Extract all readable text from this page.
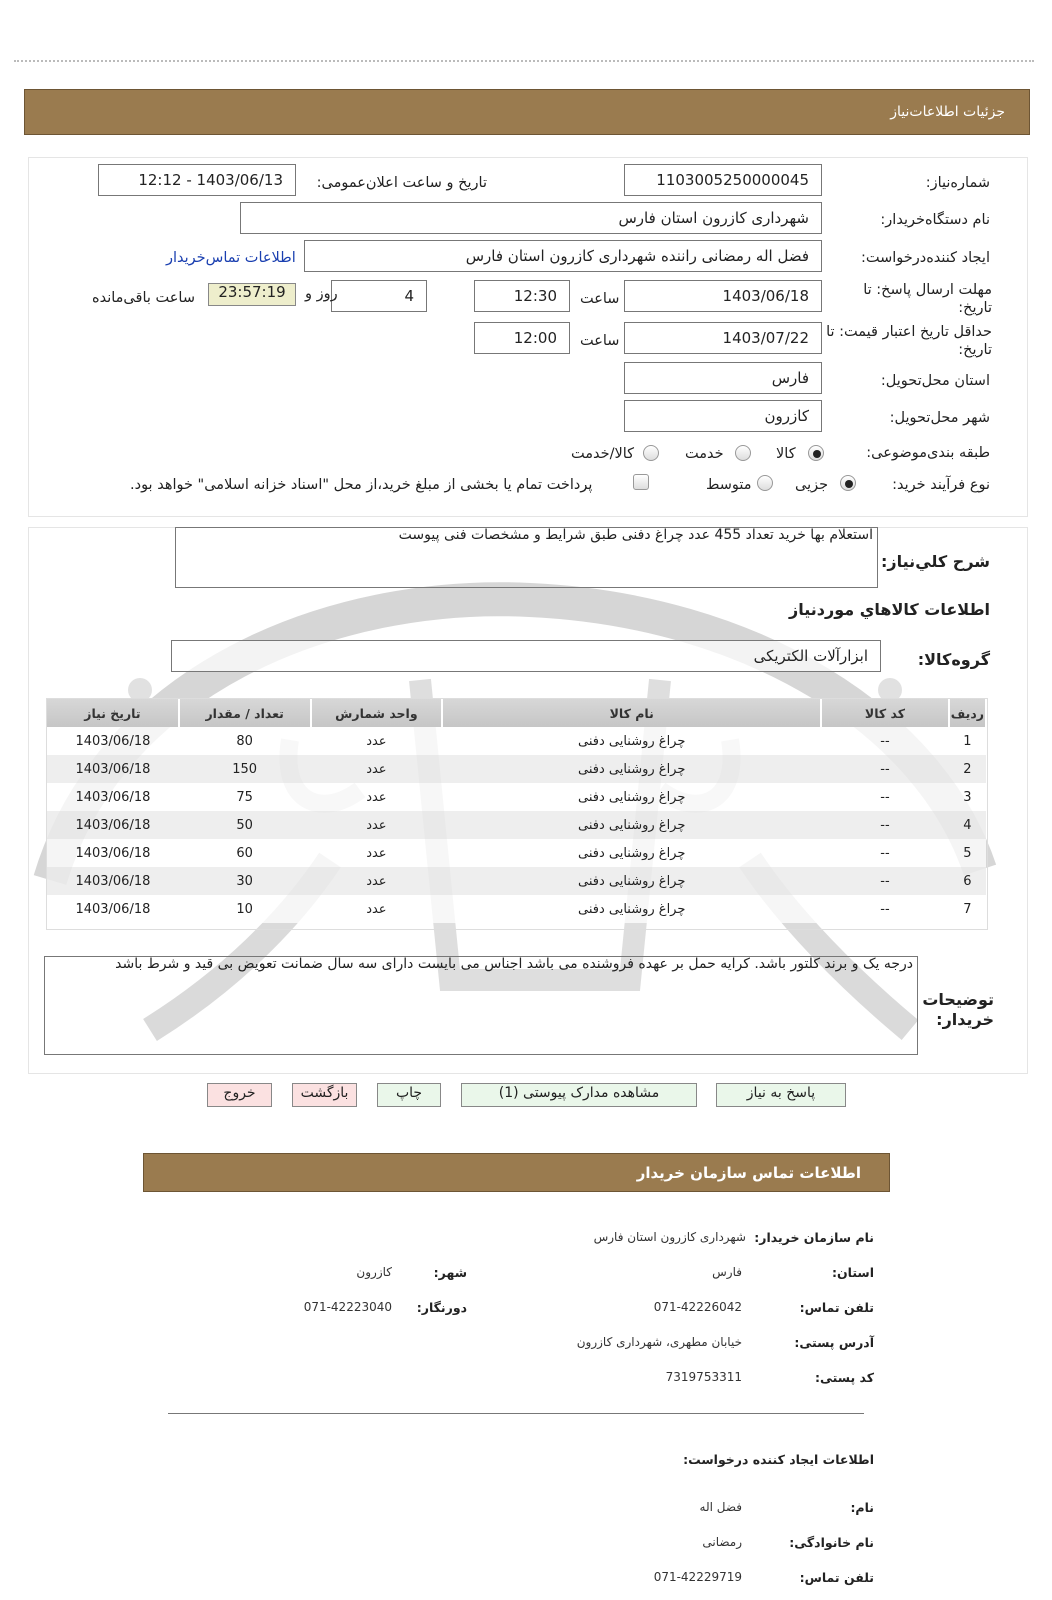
جزئیات اطلاعات‌نیاز
شماره‌نیاز:
1103005250000045
تاریخ و ساعت اعلان‌عمومی:
1403/06/13 - 12:12
نام دستگاه‌خریدار:
شهرداری کازرون استان فارس
ایجاد کننده‌درخواست:
فضل اله رمضانی راننده شهرداری کازرون استان فارس
اطلاعات تماس‌خریدار
مهلت ارسال پاسخ: تا تاریخ:
1403/06/18
ساعت
12:30
4
روز و
23:57:19
ساعت باقی‌مانده
حداقل تاریخ اعتبار قیمت: تا تاریخ:
1403/07/22
ساعت
12:00
استان محل‌تحویل:
فارس
شهر محل‌تحویل:
کازرون
طبقه بندی‌موضوعی:
کالا
خدمت
کالا/خدمت
نوع فرآیند خرید:
جزیی
متوسط
پرداخت تمام یا بخشی از مبلغ خرید،از محل "اسناد خزانه اسلامی" خواهد بود.
شرح کلي‌نیاز:
استعلام بها خرید تعداد 455 عدد چراغ دفنی طبق شرایط و مشخصات فنی پیوست
اطلاعات کالاهاي موردنياز
گروه‌کالا:
ابزارآلات الکتریکی
ردیف	کد کالا	نام کالا	واحد شمارش	تعداد / مقدار	تاریخ نیاز
1	--	چراغ روشنایی دفنی	عدد	80	1403/06/18
2	--	چراغ روشنایی دفنی	عدد	150	1403/06/18
3	--	چراغ روشنایی دفنی	عدد	75	1403/06/18
4	--	چراغ روشنایی دفنی	عدد	50	1403/06/18
5	--	چراغ روشنایی دفنی	عدد	60	1403/06/18
6	--	چراغ روشنایی دفنی	عدد	30	1403/06/18
7	--	چراغ روشنایی دفنی	عدد	10	1403/06/18
توضیحات خریدار:
درجه یک و برند کلتور باشد. کرایه حمل بر عهده فروشنده می باشد اجناس می بایست دارای سه سال ضمانت تعویض بی قید و شرط باشد
پاسخ به نیاز
مشاهده مدارک پیوستی (1)
چاپ
بازگشت
خروج
اطلاعات تماس سازمان خریدار
نام سازمان خریدار:
شهرداری کازرون استان فارس
استان:
فارس
شهر:
کازرون
تلفن تماس:
071-42226042
دورنگار:
071-42223040
آدرس پستی:
خیابان مطهری، شهرداری کازرون
کد پستی:
7319753311
اطلاعات ایجاد کننده درخواست:
نام:
فضل اله
نام خانوادگی:
رمضانی
تلفن تماس:
071-42229719
